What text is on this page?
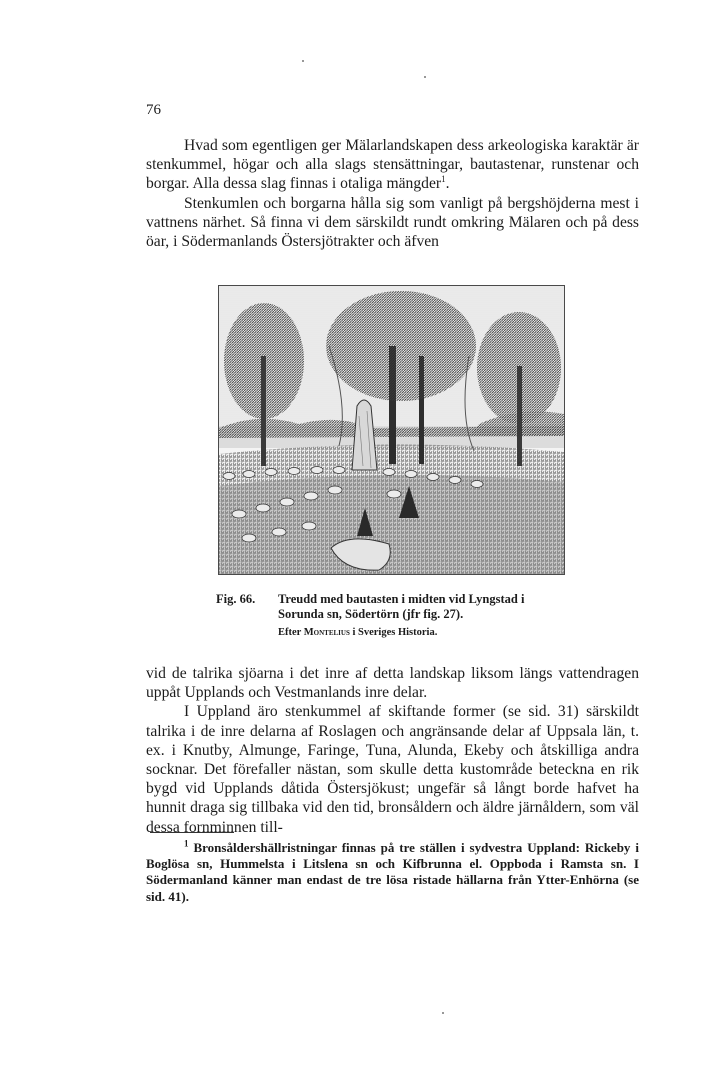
76

Hvad som egentligen ger Mälarlandskapen dess arkeologiska karaktär är stenkummel, högar och alla slags stensättningar, bautastenar, runstenar och borgar. Alla dessa slag finnas i otaliga mängder$^1$.

Stenkumlen och borgarna hålla sig som vanligt på bergshöjderna mest i vattnens närhet. Så finna vi dem särskildt rundt omkring Mälaren och på dess öar, i Södermanlands Östersjötrakter och äfven

Fig. 66. Treudd med bautasten i midten vid Lyngstad i
Sorunda sn, Södertörn (jfr fig. 27).
Efter Montelius i Sveriges Historia.

vid de talrika sjöarna i det inre af detta landskap liksom längs vattendragen uppåt Upplands och Vestmanlands inre delar.

I Uppland äro stenkummel af skiftande former (se sid. 31) särskildt talrika i de inre delarna af Roslagen och angränsande delar af Uppsala län, t. ex. i Knutby, Almunge, Faringe, Tuna, Alunda, Ekeby och åtskilliga andra socknar. Det förefaller nästan, som skulle detta kustområde beteckna en rik bygd vid Upplands dåtida Östersjökust; ungefär så långt borde hafvet ha hunnit draga sig tillbaka vid den tid, bronsåldern och äldre järnåldern, som väl dessa fornminnen till-

$^1$ Bronsåldershällristningar finnas på tre ställen i sydvestra Uppland: Rickeby i Boglösa sn, Hummelsta i Litslena sn och Kifbrunna el. Oppboda i Ramsta sn. I Södermanland känner man endast de tre lösa ristade hällarna från Ytter-Enhörna (se sid. 41).
